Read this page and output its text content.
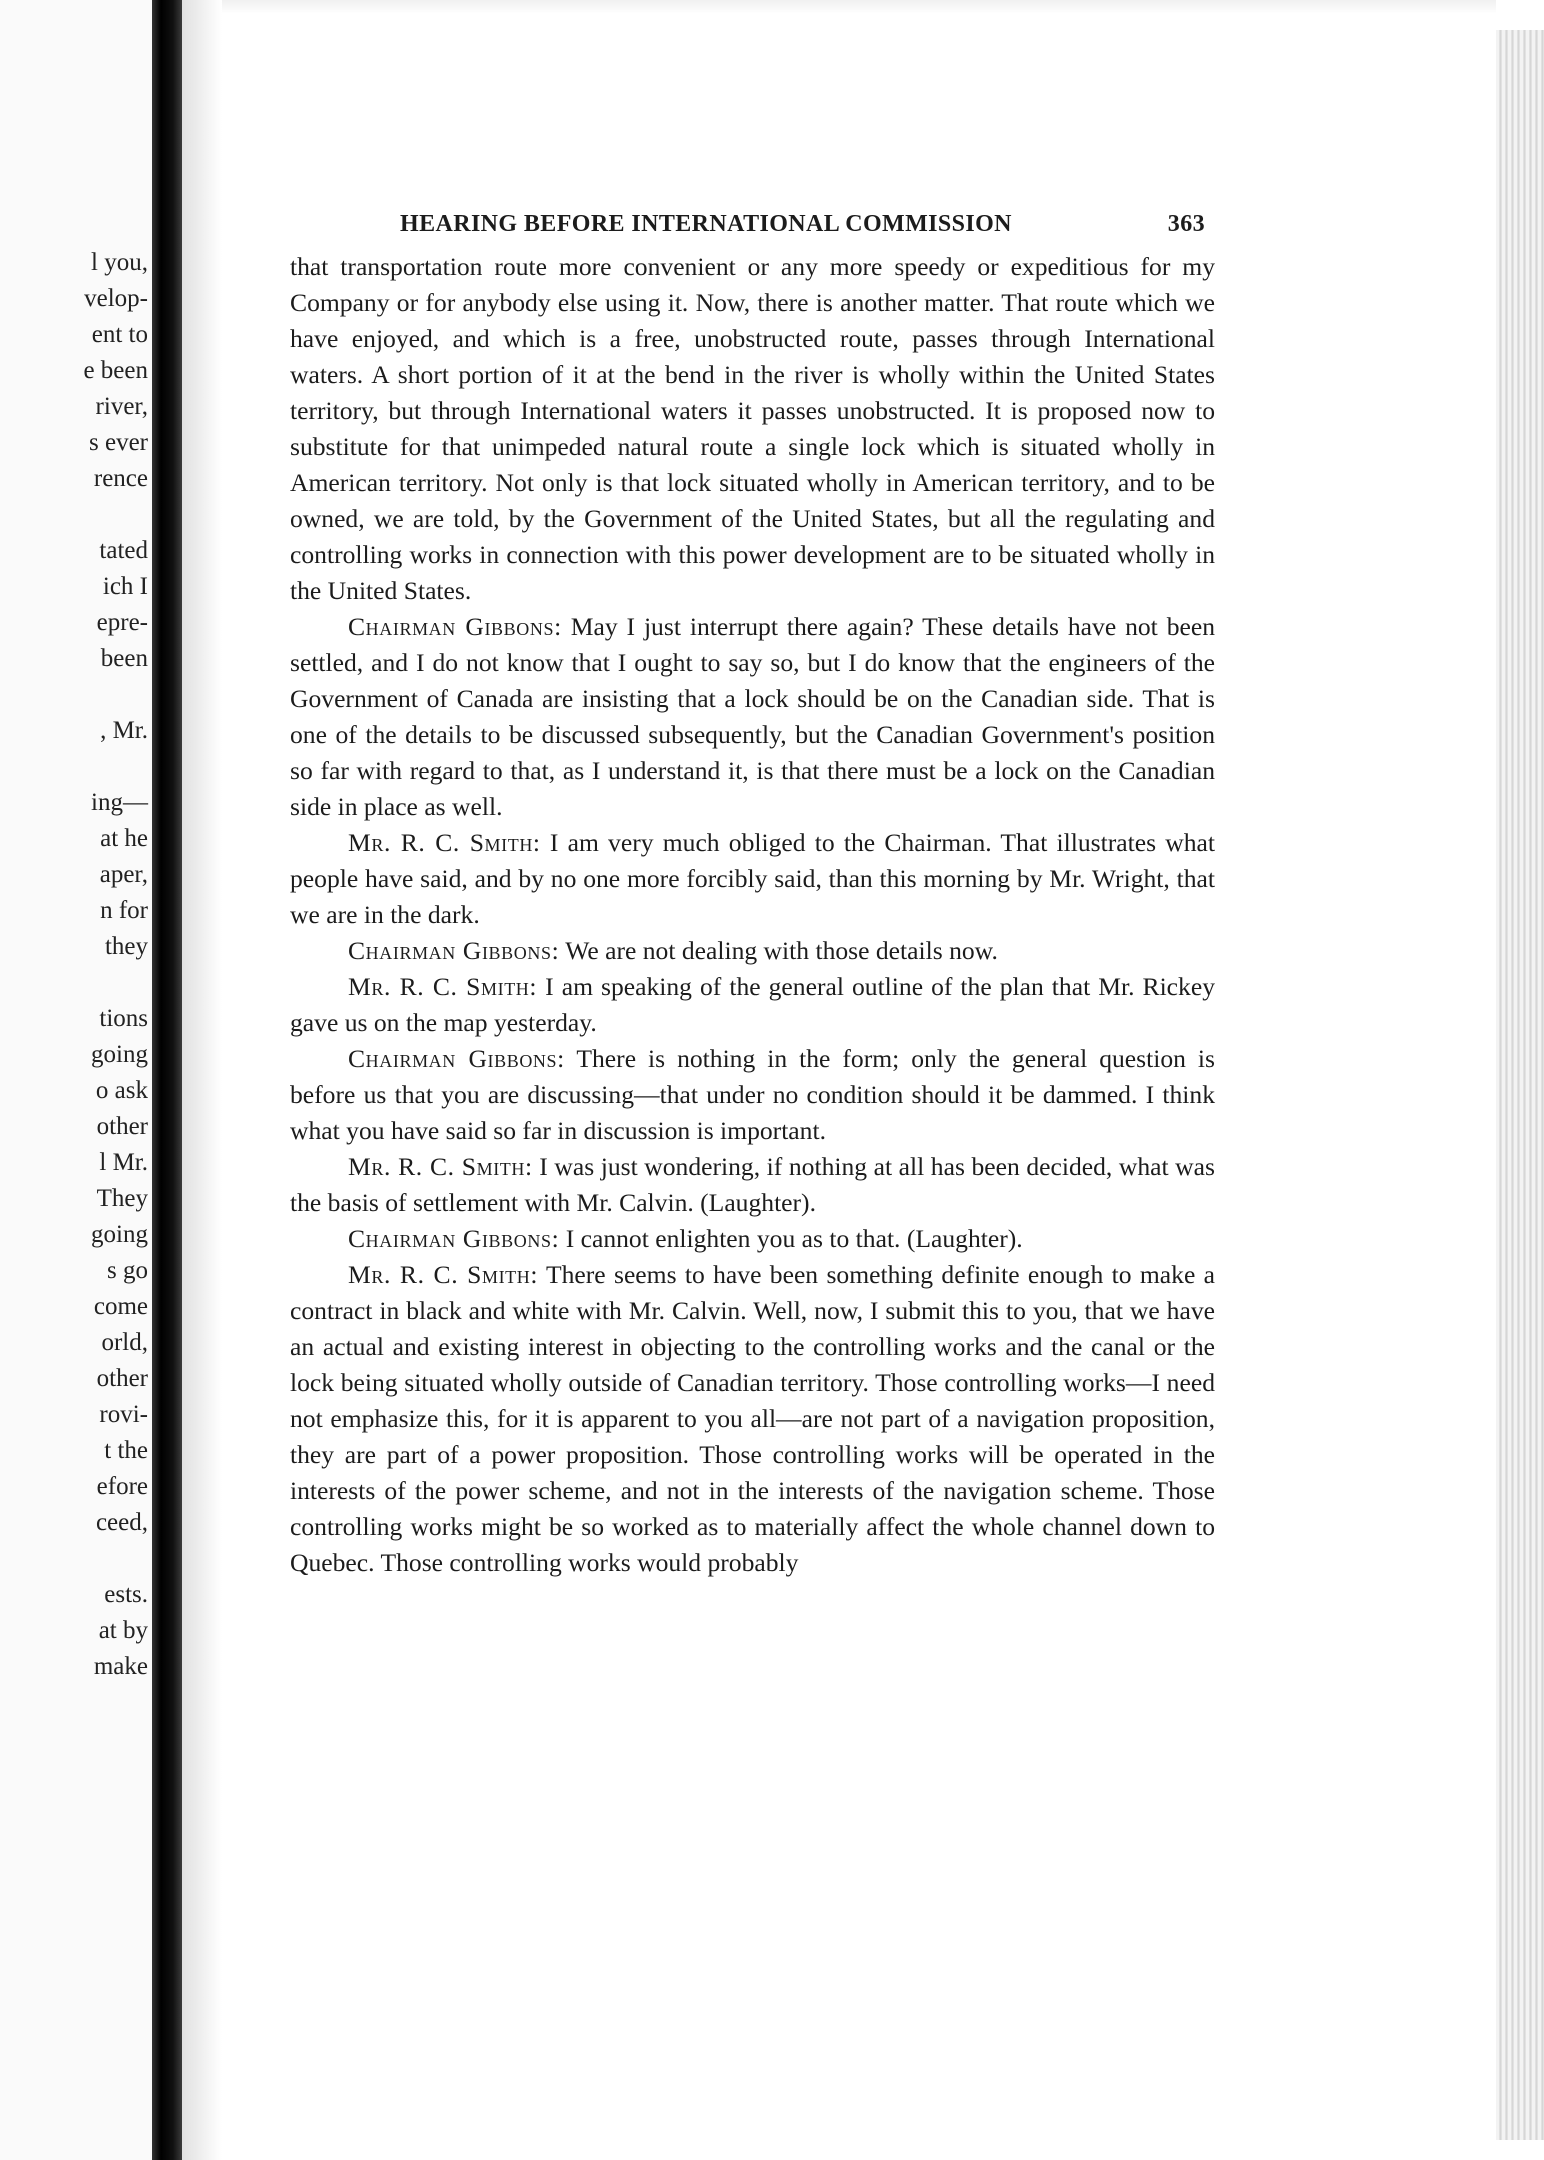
l you,
velop-
ent to
e been
river,
s ever
rence
tated
ich I
epre-
been
, Mr.
ing—
at he
aper,
n for
they
tions
going
o ask
other
l Mr.
They
going
s go
come
orld,
other
rovi-
t the
efore
ceed,
ests.
at by
make
HEARING BEFORE INTERNATIONAL COMMISSION	363

that transportation route more convenient or any more speedy or expeditious for my Company or for anybody else using it. Now, there is another matter. That route which we have enjoyed, and which is a free, unobstructed route, passes through International waters. A short portion of it at the bend in the river is wholly within the United States territory, but through International waters it passes unobstructed. It is proposed now to substitute for that unimpeded natural route a single lock which is situated wholly in American territory. Not only is that lock situated wholly in American territory, and to be owned, we are told, by the Government of the United States, but all the regulating and controlling works in connection with this power development are to be situated wholly in the United States.

Chairman Gibbons: May I just interrupt there again? These details have not been settled, and I do not know that I ought to say so, but I do know that the engineers of the Government of Canada are insisting that a lock should be on the Canadian side. That is one of the details to be discussed subsequently, but the Canadian Government's position so far with regard to that, as I understand it, is that there must be a lock on the Canadian side in place as well.

Mr. R. C. Smith: I am very much obliged to the Chairman. That illustrates what people have said, and by no one more forcibly said, than this morning by Mr. Wright, that we are in the dark.

Chairman Gibbons: We are not dealing with those details now.

Mr. R. C. Smith: I am speaking of the general outline of the plan that Mr. Rickey gave us on the map yesterday.

Chairman Gibbons: There is nothing in the form; only the general question is before us that you are discussing—that under no condition should it be dammed. I think what you have said so far in discussion is important.

Mr. R. C. Smith: I was just wondering, if nothing at all has been decided, what was the basis of settlement with Mr. Calvin. (Laughter).

Chairman Gibbons: I cannot enlighten you as to that. (Laughter).

Mr. R. C. Smith: There seems to have been something definite enough to make a contract in black and white with Mr. Calvin. Well, now, I submit this to you, that we have an actual and existing interest in objecting to the controlling works and the canal or the lock being situated wholly outside of Canadian territory. Those controlling works—I need not emphasize this, for it is apparent to you all—are not part of a navigation proposition, they are part of a power proposition. Those controlling works will be operated in the interests of the power scheme, and not in the interests of the navigation scheme. Those controlling works might be so worked as to materially affect the whole channel down to Quebec. Those controlling works would probably
